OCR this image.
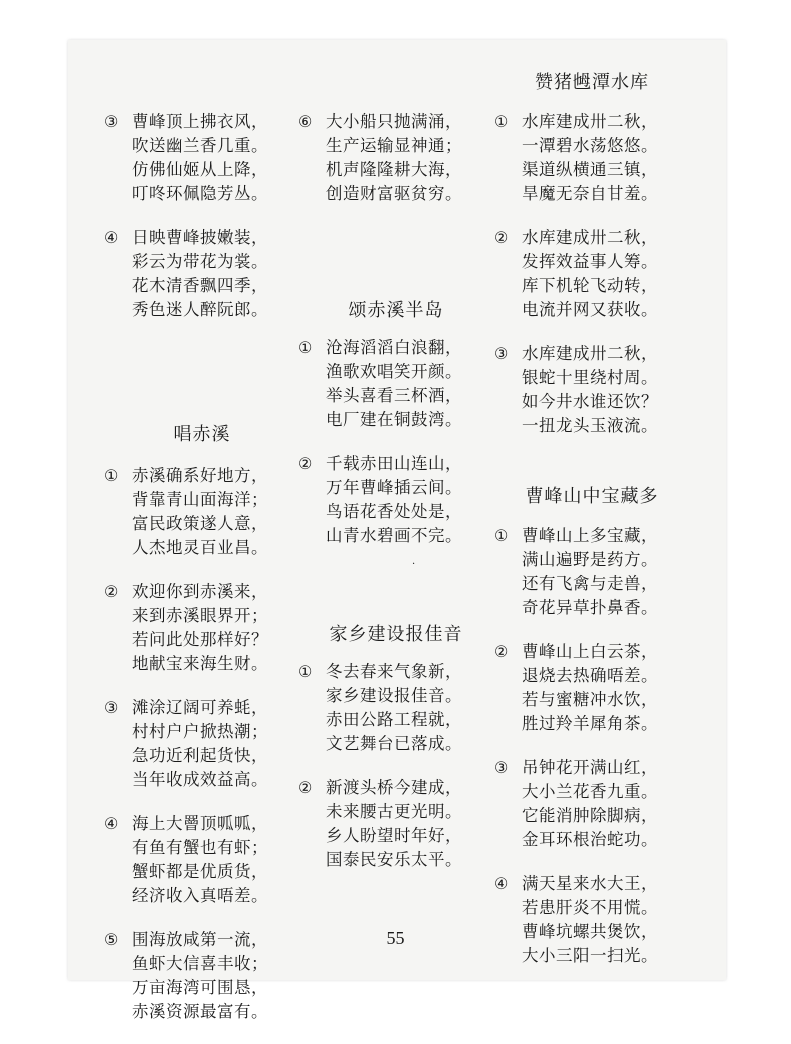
③ 曹峰顶上拂衣风，
吹送幽兰香几重。
仿佛仙姬从上降，
叮咚环佩隐芳丛。
④ 日映曹峰披嫩装，
彩云为带花为裳。
花木清香飘四季，
秀色迷人醉阮郎。
唱赤溪
① 赤溪确系好地方，
背靠青山面海洋；
富民政策遂人意，
人杰地灵百业昌。
② 欢迎你到赤溪来，
来到赤溪眼界开；
若问此处那样好？
地献宝来海生财。
③ 滩涂辽阔可养蚝，
村村户户掀热潮；
急功近利起货快，
当年收成效益高。
④ 海上大罾顶呱呱，
有鱼有蟹也有虾；
蟹虾都是优质货，
经济收入真唔差。
⑤ 围海放咸第一流，
鱼虾大信喜丰收；
万亩海湾可围恳，
赤溪资源最富有。
⑥ 大小船只抛满涌，
生产运输显神通；
机声隆隆耕大海，
创造财富驱贫穷。
颂赤溪半岛
① 沧海滔滔白浪翻，
渔歌欢唱笑开颜。
举头喜看三杯酒，
电厂建在铜鼓湾。
② 千载赤田山连山，
万年曹峰插云间。
鸟语花香处处是，
山青水碧画不完。
家乡建设报佳音
① 冬去春来气象新，
家乡建设报佳音。
赤田公路工程就，
文艺舞台已落成。
② 新渡头桥今建成，
未来腰古更光明。
乡人盼望时年好，
国泰民安乐太平。
赞猪乸潭水库
① 水库建成卅二秋，
一潭碧水荡悠悠。
渠道纵横通三镇，
旱魔无奈自甘羞。
② 水库建成卅二秋，
发挥效益事人筹。
库下机轮飞动转，
电流并网又获收。
③ 水库建成卅二秋，
银蛇十里绕村周。
如今井水谁还饮？
一扭龙头玉液流。
曹峰山中宝藏多
① 曹峰山上多宝藏，
满山遍野是药方。
还有飞禽与走兽，
奇花异草扑鼻香。
② 曹峰山上白云茶，
退烧去热确唔差。
若与蜜糖冲水饮，
胜过羚羊犀角茶。
③ 吊钟花开满山红，
大小兰花香九重。
它能消肿除脚病，
金耳环根治蛇功。
④ 满天星来水大王，
若患肝炎不用慌。
曹峰坑螺共煲饮，
大小三阳一扫光。
.
55
